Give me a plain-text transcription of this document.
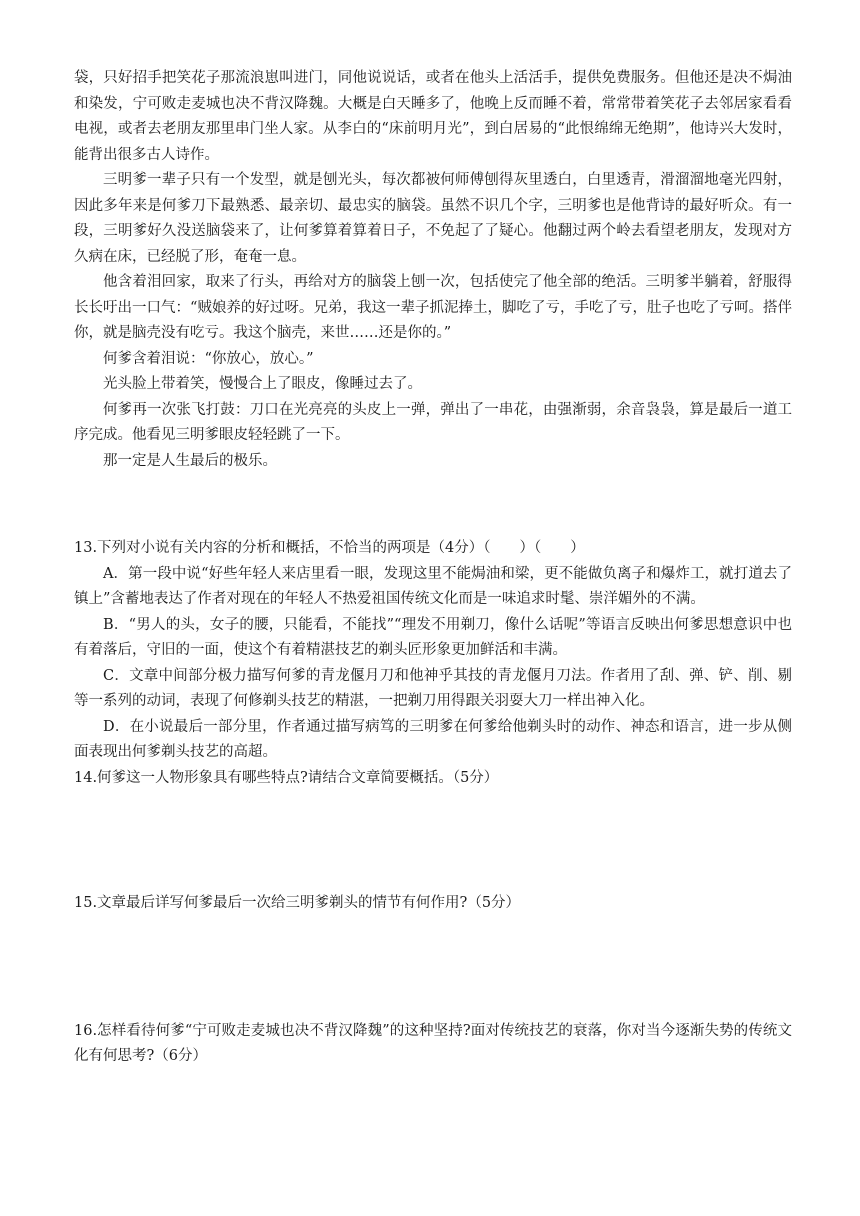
袋，只好招手把笑花子那流浪崽叫进门，同他说说话，或者在他头上活活手，提供免费服务。但他还是决不焗油和染发，宁可败走麦城也决不背汉降魏。大概是白天睡多了，他晚上反而睡不着，常常带着笑花子去邻居家看看电视，或者去老朋友那里串门坐人家。从李白的“床前明月光”，到白居易的“此恨绵绵无绝期”，他诗兴大发时，能背出很多古人诗作。

三明爹一辈子只有一个发型，就是刨光头，每次都被何师傅刨得灰里透白，白里透青，滑溜溜地毫光四射，因此多年来是何爹刀下最熟悉、最亲切、最忠实的脑袋。虽然不识几个字，三明爹也是他背诗的最好听众。有一段，三明爹好久没送脑袋来了，让何爹算着算着日子，不免起了了疑心。他翻过两个岭去看望老朋友，发现对方久病在床，已经脱了形，奄奄一息。

他含着泪回家，取来了行头，再给对方的脑袋上刨一次，包括使完了他全部的绝活。三明爹半躺着，舒服得长长吁出一口气：“贼娘养的好过呀。兄弟，我这一辈子抓泥捧土，脚吃了亏，手吃了亏，肚子也吃了亏呵。搭伴你，就是脑壳没有吃亏。我这个脑壳，来世……还是你的。”

何爹含着泪说：“你放心，放心。”

光头脸上带着笑，慢慢合上了眼皮，像睡过去了。

何爹再一次张飞打鼓：刀口在光亮亮的头皮上一弹，弹出了一串花，由强渐弱，余音袅袅，算是最后一道工序完成。他看见三明爹眼皮轻轻跳了一下。

那一定是人生最后的极乐。

13.下列对小说有关内容的分析和概括，不恰当的两项是（4分）（　　）（　　）

A．第一段中说“好些年轻人来店里看一眼，发现这里不能焗油和梁，更不能做负离子和爆炸工，就打道去了镇上”含蓄地表达了作者对现在的年轻人不热爱祖国传统文化而是一味追求时髦、崇洋媚外的不满。

B．“男人的头，女子的腰，只能看，不能找”“理发不用剃刀，像什么话呢”等语言反映出何爹思想意识中也有着落后，守旧的一面，使这个有着精湛技艺的剃头匠形象更加鲜活和丰满。

C．文章中间部分极力描写何爹的青龙偃月刀和他神乎其技的青龙偃月刀法。作者用了刮、弹、铲、削、剔等一系列的动词，表现了何修剃头技艺的精湛，一把剃刀用得跟关羽耍大刀一样出神入化。

D．在小说最后一部分里，作者通过描写病笃的三明爹在何爹给他剃头时的动作、神态和语言，进一步从侧面表现出何爹剃头技艺的高超。

14.何爹这一人物形象具有哪些特点?请结合文章简要概括。（5分）

15.文章最后详写何爹最后一次给三明爹剃头的情节有何作用?（5分）

16.怎样看待何爹“宁可败走麦城也决不背汉降魏”的这种坚持?面对传统技艺的衰落，你对当今逐渐失势的传统文化有何思考?（6分）
